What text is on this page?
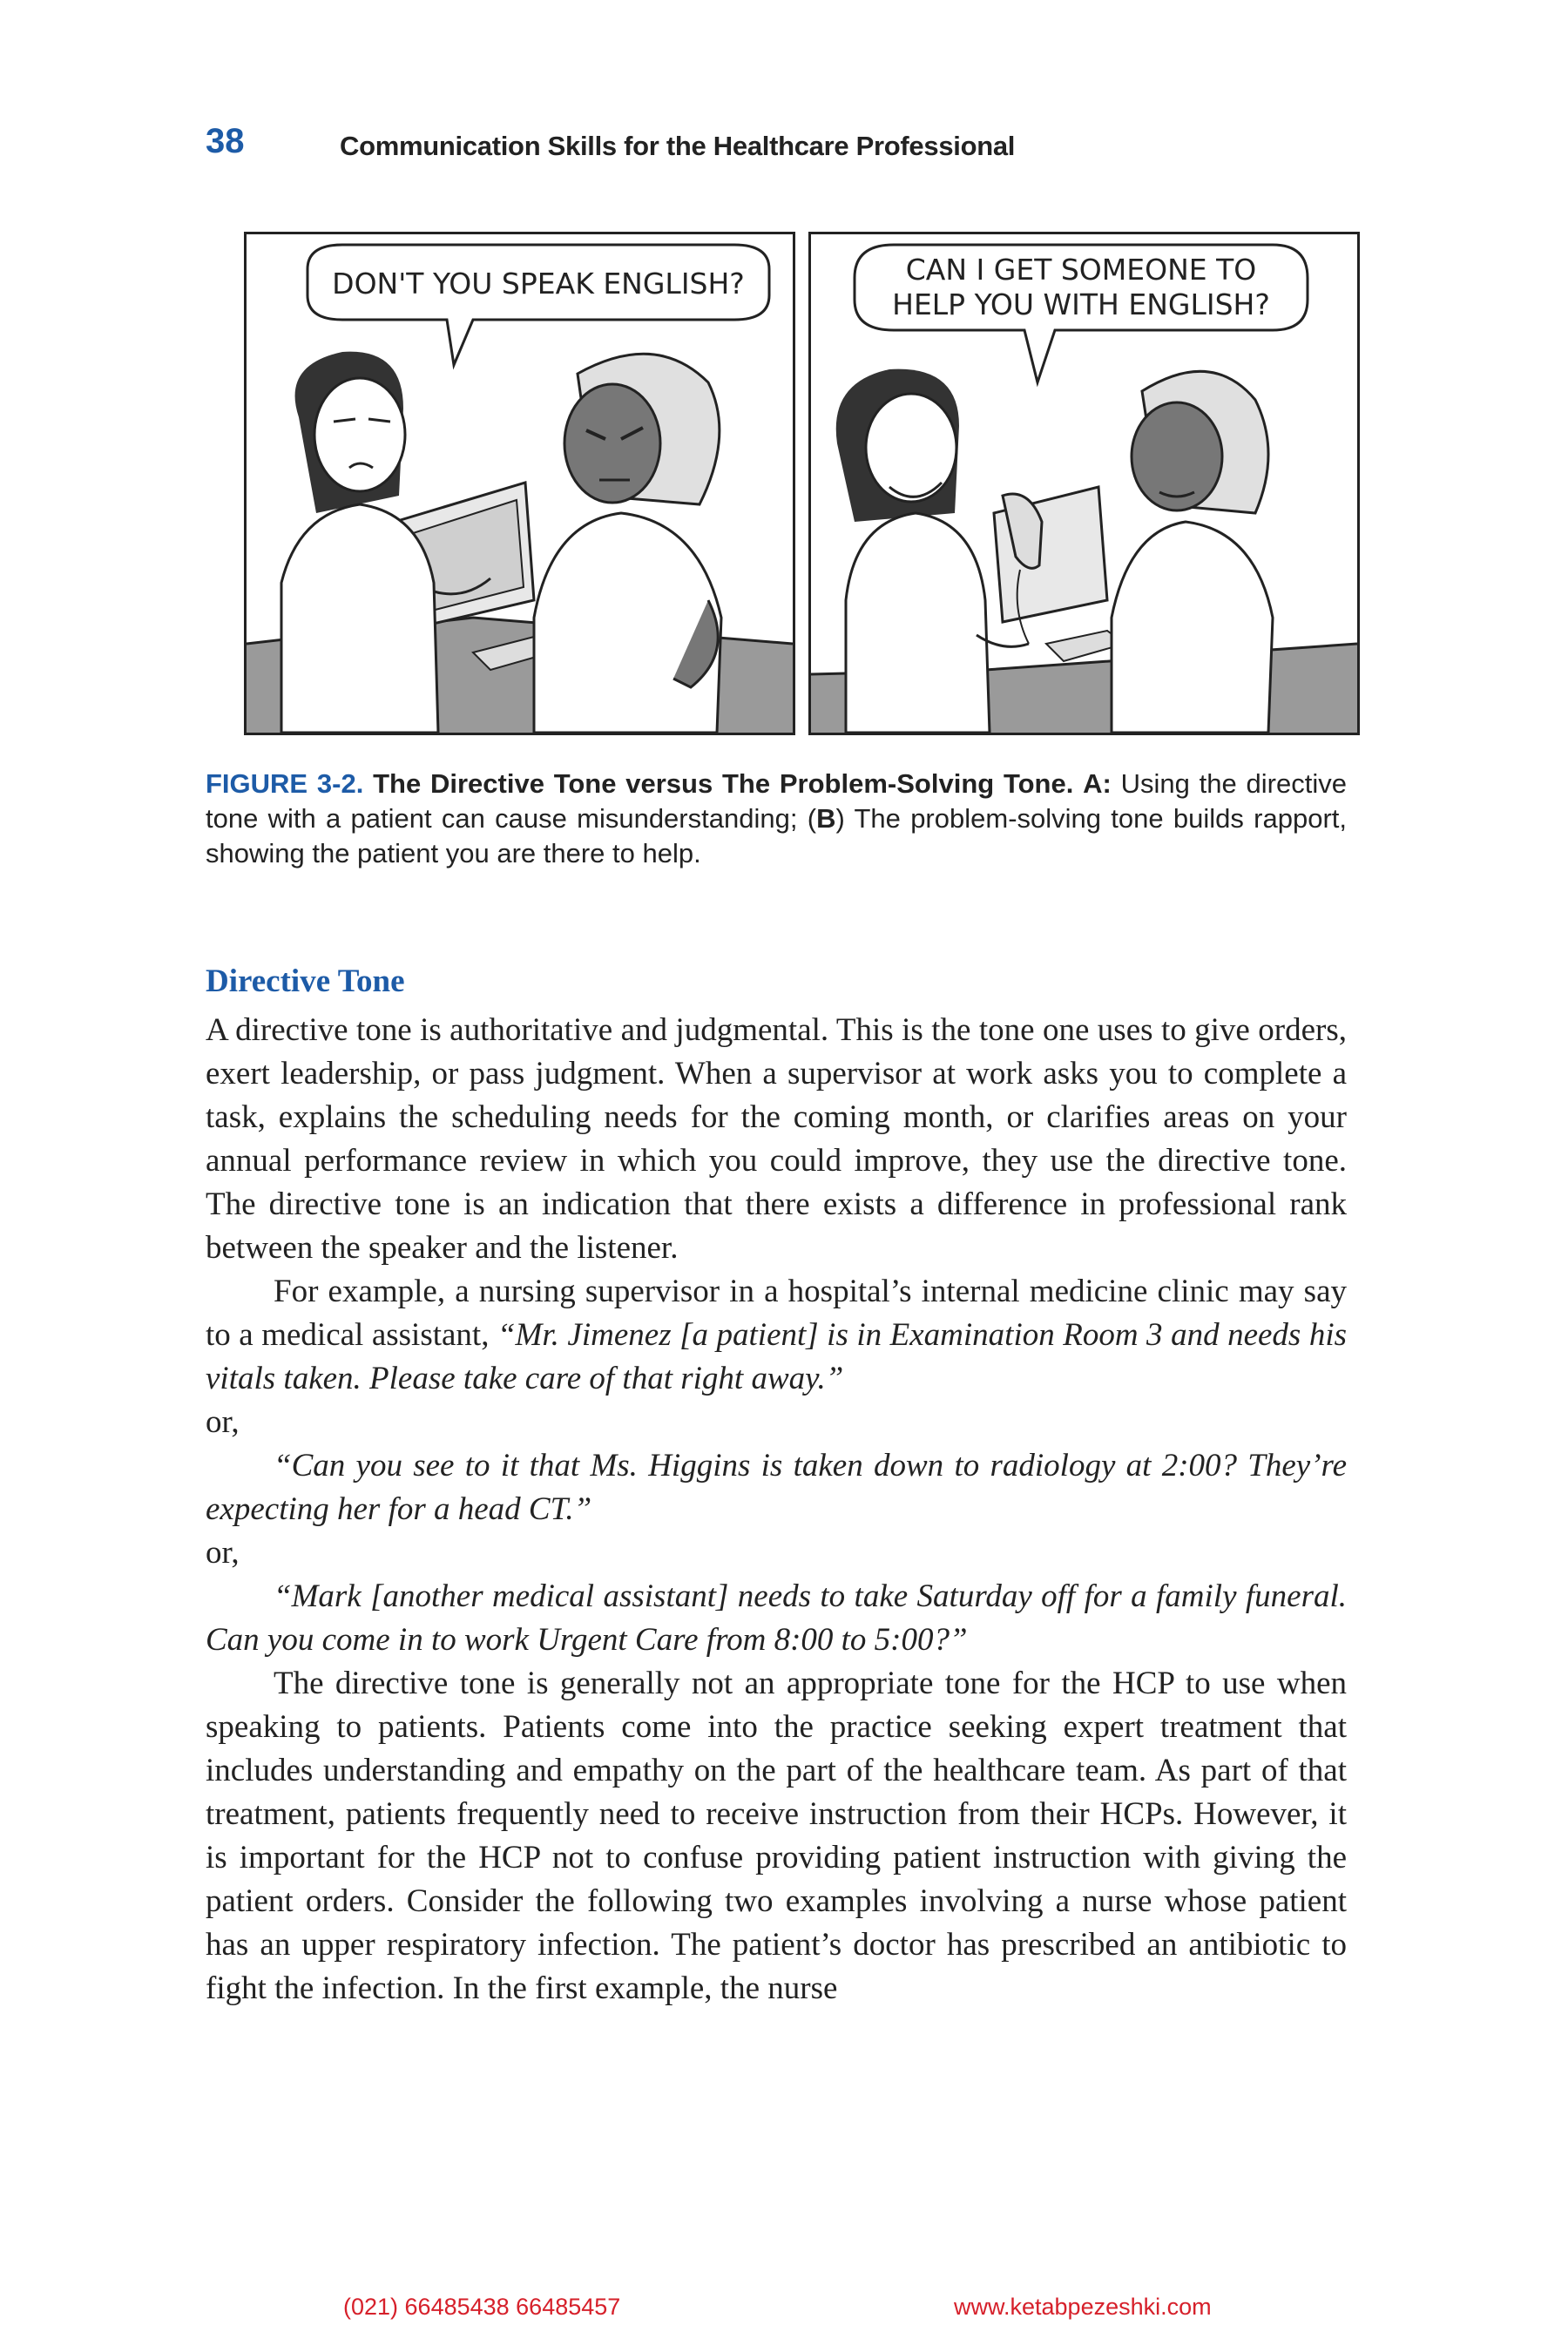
38	Communication Skills for the Healthcare Professional
DON'T YOU SPEAK ENGLISH?	CAN I GET SOMEONE TO
HELP YOU WITH ENGLISH?
FIGURE 3-2. The Directive Tone versus The Problem-Solving Tone. A: Using the directive tone with a patient can cause misunderstanding; (B) The problem-solving tone builds rapport, showing the patient you are there to help.
Directive Tone

A directive tone is authoritative and judgmental. This is the tone one uses to give orders, exert leadership, or pass judgment. When a supervisor at work asks you to complete a task, explains the scheduling needs for the coming month, or clarifies areas on your annual performance review in which you could improve, they use the directive tone. The directive tone is an indication that there exists a difference in professional rank between the speaker and the listener.

For example, a nursing supervisor in a hospital’s internal medicine clinic may say to a medical assistant, “Mr. Jimenez [a patient] is in Examination Room 3 and needs his vitals taken. Please take care of that right away.”

or,

“Can you see to it that Ms. Higgins is taken down to radiology at 2:00? They’re expecting her for a head CT.”

or,

“Mark [another medical assistant] needs to take Saturday off for a family funeral. Can you come in to work Urgent Care from 8:00 to 5:00?”

The directive tone is generally not an appropriate tone for the HCP to use when speaking to patients. Patients come into the practice seeking expert treatment that includes understanding and empathy on the part of the healthcare team. As part of that treatment, patients frequently need to receive instruction from their HCPs. However, it is important for the HCP not to confuse providing patient instruction with giving the patient orders. Consider the following two examples involving a nurse whose patient has an upper respiratory infection. The patient’s doctor has prescribed an antibiotic to fight the infection. In the first example, the nurse

(021) 66485438 66485457	www.ketabpezeshki.com
